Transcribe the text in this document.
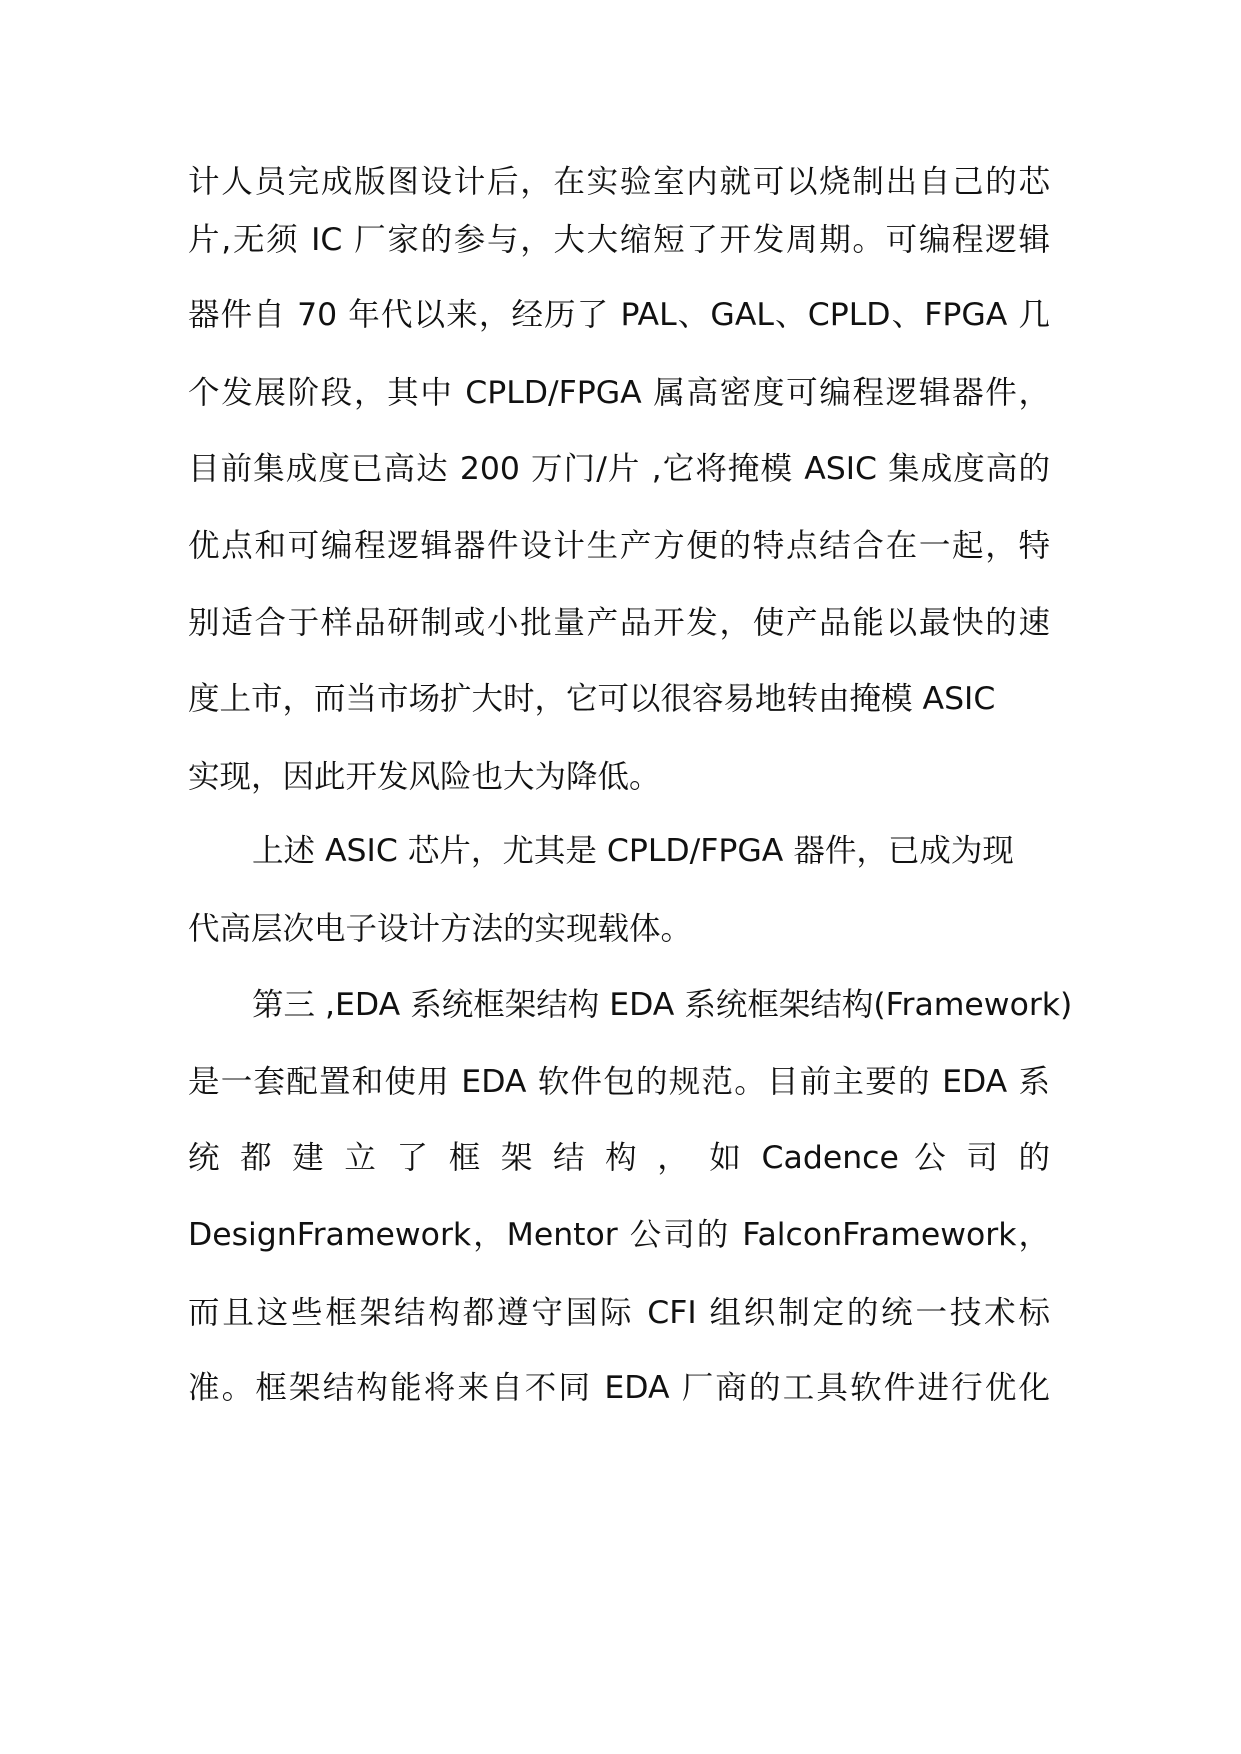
计人员完成版图设计后，在实验室内就可以烧制出自己的芯
片,无须 IC 厂家的参与，大大缩短了开发周期。可编程逻辑
器件自 70 年代以来，经历了 PAL、GAL、CPLD、FPGA 几
个发展阶段，其中 CPLD/FPGA 属高密度可编程逻辑器件，
目前集成度已高达 200 万门/片 ,它将掩模 ASIC 集成度高的
优点和可编程逻辑器件设计生产方便的特点结合在一起，特
别适合于样品研制或小批量产品开发，使产品能以最快的速
度上市，而当市场扩大时，它可以很容易地转由掩模 ASIC
实现，因此开发风险也大为降低。
上述 ASIC 芯片，尤其是 CPLD/FPGA 器件，已成为现
代高层次电子设计方法的实现载体。
第三 ,EDA 系统框架结构 EDA 系统框架结构(Framework)
是一套配置和使用 EDA 软件包的规范。目前主要的 EDA 系
统 都 建 立 了 框 架 结 构 ， 如 Cadence 公 司 的
DesignFramework，Mentor 公司的 FalconFramework，
而且这些框架结构都遵守国际 CFI 组织制定的统一技术标
准。框架结构能将来自不同 EDA 厂商的工具软件进行优化
